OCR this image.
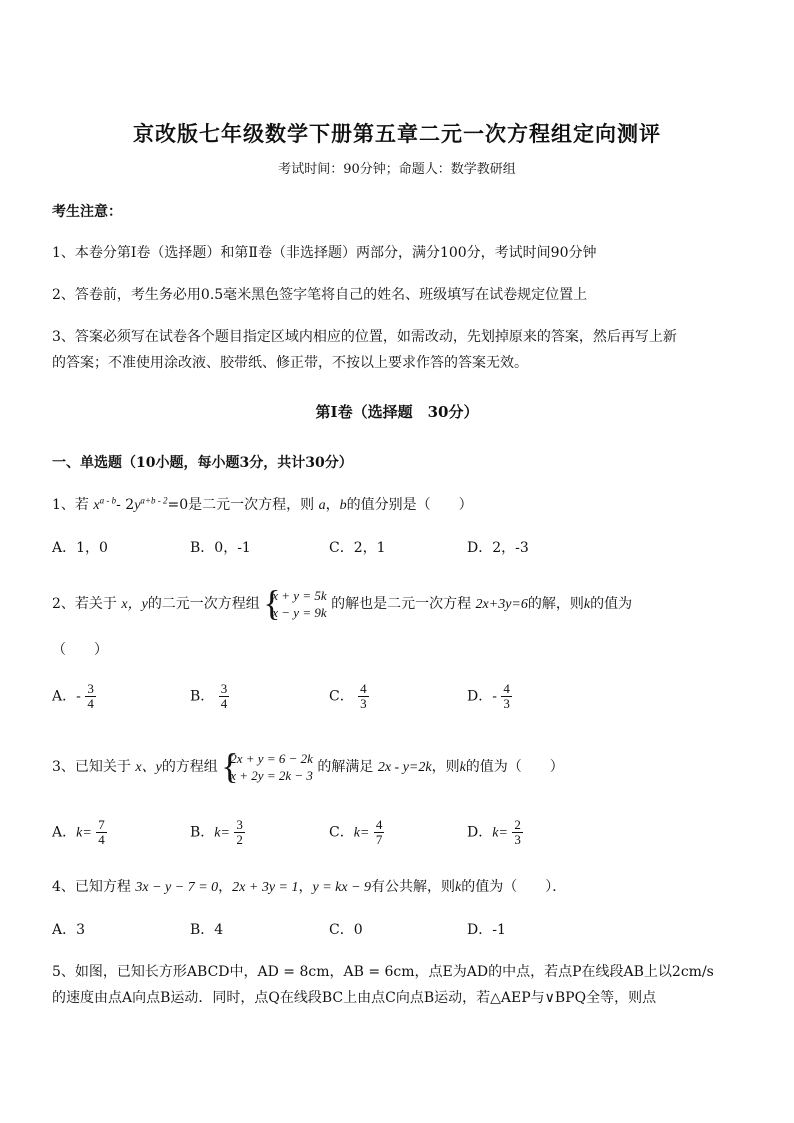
京改版七年级数学下册第五章二元一次方程组定向测评
考试时间：90分钟；命题人：数学教研组
考生注意：
1、本卷分第Ⅰ卷（选择题）和第Ⅱ卷（非选择题）两部分，满分100分，考试时间90分钟
2、答卷前，考生务必用0.5毫米黑色签字笔将自己的姓名、班级填写在试卷规定位置上
3、答案必须写在试卷各个题目指定区域内相应的位置，如需改动，先划掉原来的答案，然后再写上新
的答案；不准使用涂改液、胶带纸、修正带，不按以上要求作答的答案无效。
第Ⅰ卷（选择题　30分）
一、单选题（10小题，每小题3分，共计30分）
1、若 $x^{a - b}-$ $2y^{a+b - 2}=0$是二元一次方程，则 a，b的值分别是（　　）
A．1，0	B．0，-1	C．2，1	D．2，-3
2、若关于 x，y的二元一次方程组 {
x + y = 5k
x − y = 9k
的解也是二元一次方程 2x+3y=6的解，则k的值为
（　　）
A．- $\frac{3}{4}$	B． $\frac{3}{4}$	C． $\frac{4}{3}$	D．- $\frac{4}{3}$
3、已知关于 x、y的方程组 {
2x + y = 6 − 2k
x + 2y = 2k − 3
的解满足 2x - y=2k，则k的值为（　　）
A．$k= \frac{7}{4}$	B．$k= \frac{3}{2}$	C．$k= \frac{4}{7}$	D．$k= \frac{2}{3}$
4、已知方程 3x − y − 7 = 0，2x + 3y = 1，y = kx − 9有公共解，则k的值为（　　）．
A．3	B．4	C．0	D．-1
5、如图，已知长方形ABCD中，AD = 8cm，AB = 6cm，点E为AD的中点，若点P在线段AB上以2cm/s
的速度由点A向点B运动．同时，点Q在线段BC上由点C向点B运动，若△AEP与∨BPQ全等，则点
